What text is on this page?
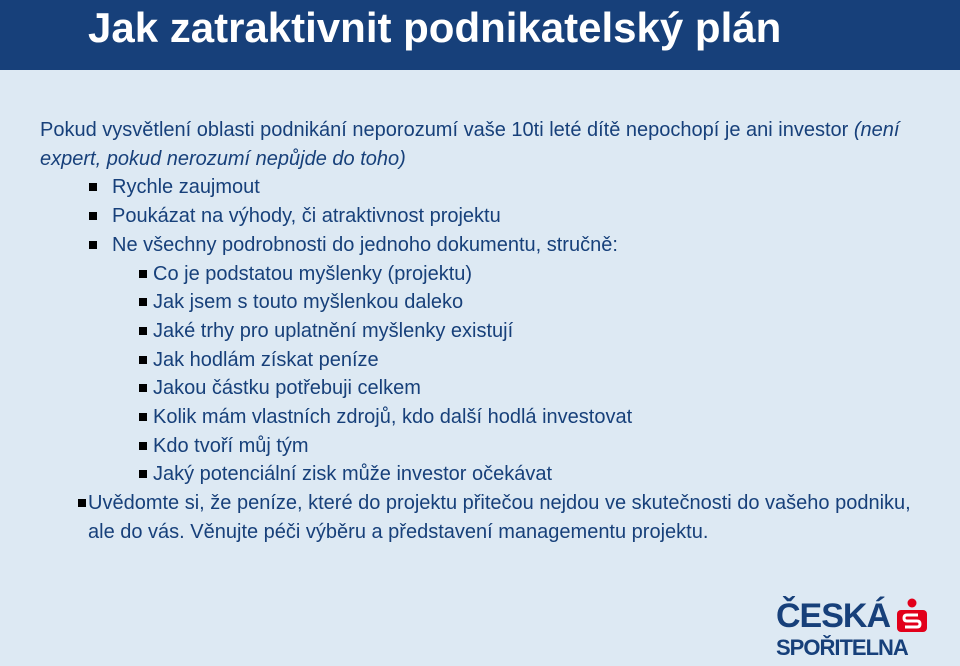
Jak zatraktivnit podnikatelský plán

Pokud vysvětlení oblasti podnikání neporozumí vaše 10ti leté dítě nepochopí je ani investor (není expert, pokud nerozumí nepůjde do toho)

Rychle zaujmout
Poukázat na výhody, či atraktivnost projektu
Ne všechny podrobnosti do jednoho dokumentu, stručně:
Co je podstatou myšlenky (projektu)
Jak jsem s touto myšlenkou daleko
Jaké trhy pro uplatnění myšlenky existují
Jak hodlám získat peníze
Jakou částku potřebuji celkem
Kolik mám vlastních zdrojů, kdo další hodlá investovat
Kdo tvoří můj tým
Jaký potenciální zisk může investor očekávat

Uvědomte si, že peníze, které do projektu přitečou nejdou ve skutečnosti do vašeho podniku, ale do vás. Věnujte péči výběru a představení managementu projektu.

ČESKÁ
SPOŘITELNA
